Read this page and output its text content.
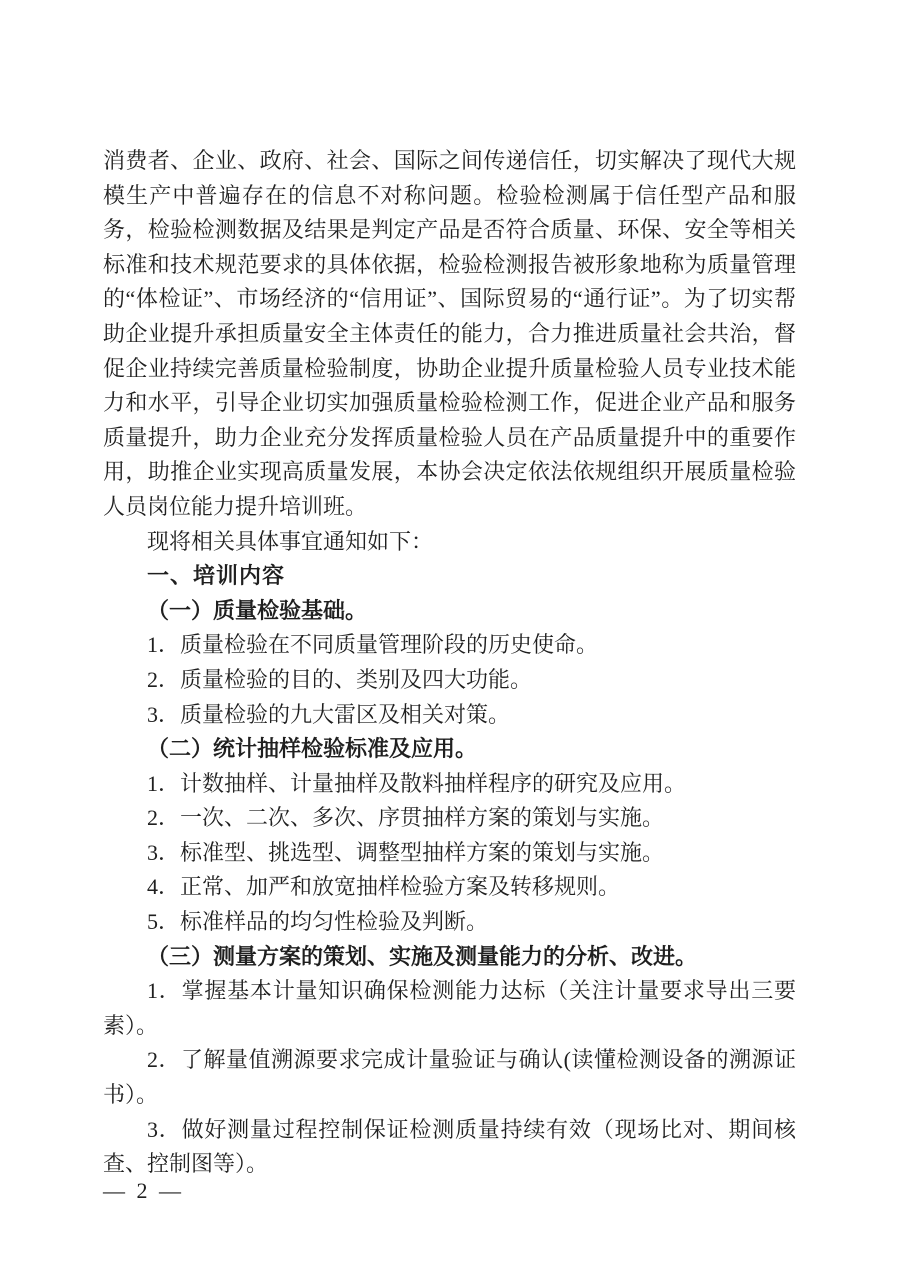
消费者、企业、政府、社会、国际之间传递信任，切实解决了现代大规模生产中普遍存在的信息不对称问题。检验检测属于信任型产品和服务，检验检测数据及结果是判定产品是否符合质量、环保、安全等相关标准和技术规范要求的具体依据，检验检测报告被形象地称为质量管理的“体检证”、市场经济的“信用证”、国际贸易的“通行证”。为了切实帮助企业提升承担质量安全主体责任的能力，合力推进质量社会共治，督促企业持续完善质量检验制度，协助企业提升质量检验人员专业技术能力和水平，引导企业切实加强质量检验检测工作，促进企业产品和服务质量提升，助力企业充分发挥质量检验人员在产品质量提升中的重要作用，助推企业实现高质量发展，本协会决定依法依规组织开展质量检验人员岗位能力提升培训班。

现将相关具体事宜通知如下：

一、培训内容

（一）质量检验基础。

1．质量检验在不同质量管理阶段的历史使命。

2．质量检验的目的、类别及四大功能。

3．质量检验的九大雷区及相关对策。

（二）统计抽样检验标准及应用。

1．计数抽样、计量抽样及散料抽样程序的研究及应用。

2．一次、二次、多次、序贯抽样方案的策划与实施。

3．标准型、挑选型、调整型抽样方案的策划与实施。

4．正常、加严和放宽抽样检验方案及转移规则。

5．标准样品的均匀性检验及判断。

（三）测量方案的策划、实施及测量能力的分析、改进。

1．掌握基本计量知识确保检测能力达标（关注计量要求导出三要素）。

2．了解量值溯源要求完成计量验证与确认(读懂检测设备的溯源证书）。

3．做好测量过程控制保证检测质量持续有效（现场比对、期间核查、控制图等）。

— 2 —
